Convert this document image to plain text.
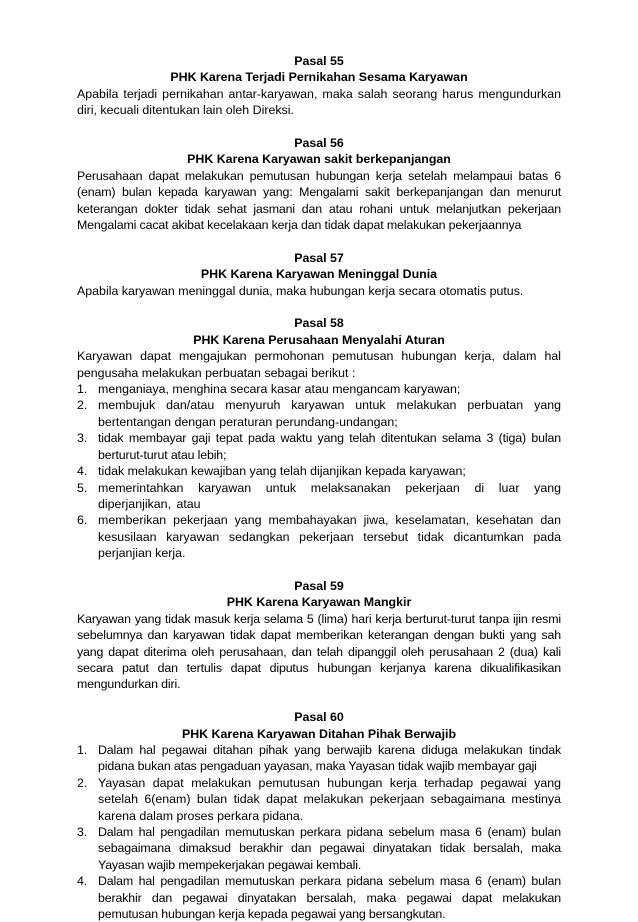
Pasal 55
PHK Karena Terjadi Pernikahan Sesama Karyawan

Apabila terjadi pernikahan antar-karyawan, maka salah seorang harus mengundurkan diri, kecuali ditentukan lain oleh Direksi.

Pasal 56
PHK Karena Karyawan sakit berkepanjangan

Perusahaan dapat melakukan pemutusan hubungan kerja setelah melampaui batas 6 (enam) bulan kepada karyawan yang: Mengalami sakit berkepanjangan dan menurut keterangan dokter tidak sehat jasmani dan atau rohani untuk melanjutkan pekerjaan Mengalami cacat akibat kecelakaan kerja dan tidak dapat melakukan pekerjaannya

Pasal 57
PHK Karena Karyawan Meninggal Dunia

Apabila karyawan meninggal dunia, maka hubungan kerja secara otomatis putus.

Pasal 58
PHK Karena Perusahaan Menyalahi Aturan

Karyawan dapat mengajukan permohonan pemutusan hubungan kerja, dalam hal pengusaha melakukan perbuatan sebagai berikut :

1. menganiaya, menghina secara kasar atau mengancam karyawan;
2. membujuk dan/atau menyuruh karyawan untuk melakukan perbuatan yang bertentangan dengan peraturan perundang-undangan;
3. tidak membayar gaji tepat pada waktu yang telah ditentukan selama 3 (tiga) bulan berturut-turut atau lebih;
4. tidak melakukan kewajiban yang telah dijanjikan kepada karyawan;
5. memerintahkan karyawan untuk melaksanakan pekerjaan di luar yang diperjanjikan, atau
6. memberikan pekerjaan yang membahayakan jiwa, keselamatan, kesehatan dan kesusilaan karyawan sedangkan pekerjaan tersebut tidak dicantumkan pada perjanjian kerja.
Pasal 59
PHK Karena Karyawan Mangkir

Karyawan yang tidak masuk kerja selama 5 (lima) hari kerja berturut-turut tanpa ijin resmi sebelumnya dan karyawan tidak dapat memberikan keterangan dengan bukti yang sah yang dapat diterima oleh perusahaan, dan telah dipanggil oleh perusahaan 2 (dua) kali secara patut dan tertulis dapat diputus hubungan kerjanya karena dikualifikasikan mengundurkan diri.

Pasal 60
PHK Karena Karyawan Ditahan Pihak Berwajib
1. Dalam hal pegawai ditahan pihak yang berwajib karena diduga melakukan tindak pidana bukan atas pengaduan yayasan, maka Yayasan tidak wajib membayar gaji
2. Yayasan dapat melakukan pemutusan hubungan kerja terhadap pegawai yang setelah 6(enam) bulan tidak dapat melakukan pekerjaan sebagaimana mestinya karena dalam proses perkara pidana.
3. Dalam hal pengadilan memutuskan perkara pidana sebelum masa 6 (enam) bulan sebagaimana dimaksud berakhir dan pegawai dinyatakan tidak bersalah, maka Yayasan wajib mempekerjakan pegawai kembali.
4. Dalam hal pengadilan memutuskan perkara pidana sebelum masa 6 (enam) bulan berakhir dan pegawai dinyatakan bersalah, maka pegawai dapat melakukan pemutusan hubungan kerja kepada pegawai yang bersangkutan.
